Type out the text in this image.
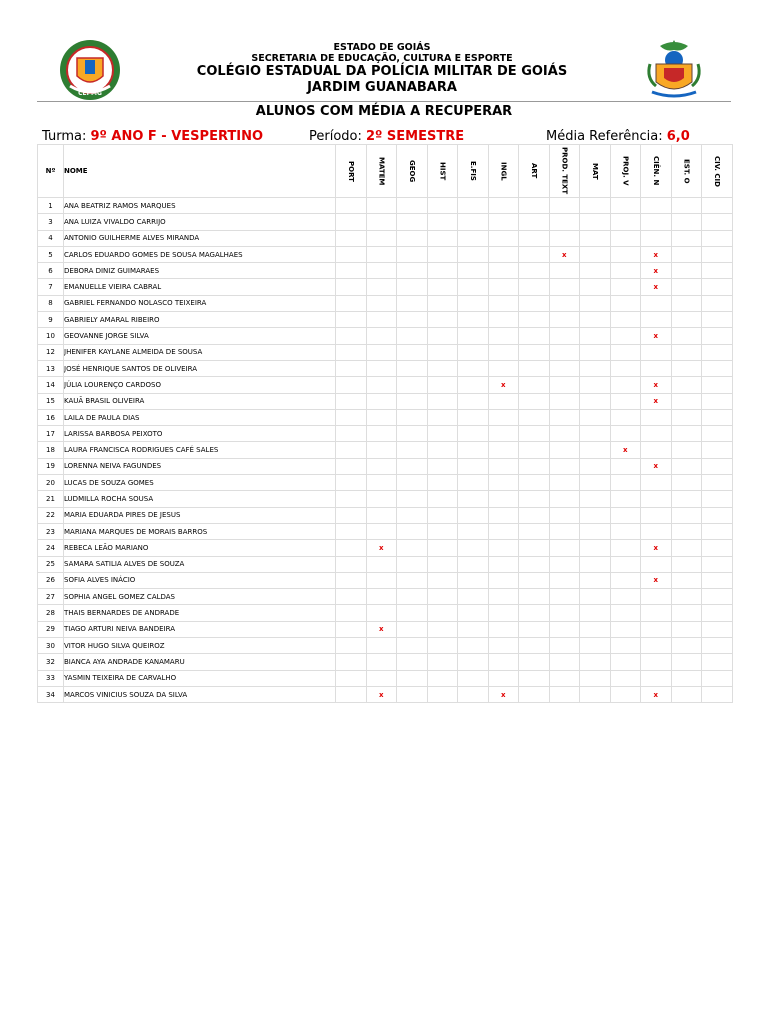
CEPMG
ESTADO DE GOIÁS
SECRETARIA DE EDUCAÇÃO, CULTURA E ESPORTE
COLÉGIO ESTADUAL DA POLÍCIA MILITAR DE GOIÁS
JARDIM GUANABARA
ALUNOS COM MÉDIA A RECUPERAR
Turma: 9º ANO F - VESPERTINO	Período: 2º SEMESTRE	Média Referência: 6,0
Nº	NOME	PORT	MATEM	GEOG	HIST	E.FIS	INGL	ART	PROD. TEXT	MAT	PROJ. V	CIÊN. N	EST. O	CIV. CID

1	ANA BEATRIZ RAMOS MARQUES													
3	ANA LUIZA VIVALDO CARRIJO													
4	ANTONIO GUILHERME ALVES MIRANDA													
5	CARLOS EDUARDO GOMES DE SOUSA MAGALHAES								x			x		
6	DEBORA DINIZ GUIMARAES											x		
7	EMANUELLE VIEIRA CABRAL											x		
8	GABRIEL FERNANDO NOLASCO TEIXEIRA													
9	GABRIELY AMARAL RIBEIRO													
10	GEOVANNE JORGE SILVA											x		
12	JHENIFER KAYLANE ALMEIDA DE SOUSA													
13	JOSÉ HENRIQUE SANTOS DE OLIVEIRA													
14	JÚLIA LOURENÇO CARDOSO						x					x		
15	KAUÃ BRASIL OLIVEIRA											x		
16	LAILA DE PAULA DIAS													
17	LARISSA BARBOSA PEIXOTO													
18	LAURA FRANCISCA RODRIGUES CAFÉ SALES										x			
19	LORENNA NEIVA FAGUNDES											x		
20	LUCAS DE SOUZA GOMES													
21	LUDMILLA ROCHA SOUSA													
22	MARIA EDUARDA PIRES DE JESUS													
23	MARIANA MARQUES DE MORAIS BARROS													
24	REBECA LEÃO MARIANO		x									x		
25	SAMARA SATILIA ALVES DE SOUZA													
26	SOFIA ALVES INÁCIO											x		
27	SOPHIA ANGEL GOMEZ CALDAS													
28	THAIS BERNARDES DE ANDRADE													
29	TIAGO ARTURI NEIVA BANDEIRA		x											
30	VITOR HUGO SILVA QUEIROZ													
32	BIANCA AYA ANDRADE KANAMARU													
33	YASMIN TEIXEIRA DE CARVALHO													
34	MARCOS VINICIUS SOUZA DA SILVA		x				x					x		
